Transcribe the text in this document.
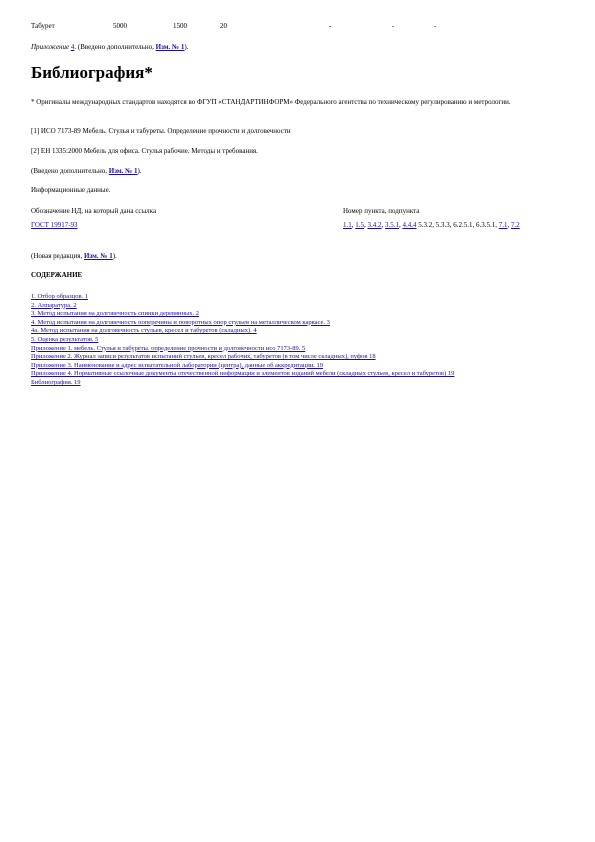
Табурет	5000	1500	20	-	-	-
Приложение 4. (Введено дополнительно, Изм. № 1).
Библиография*
* Оригиналы международных стандартов находятся во ФГУП «СТАНДАРТИНФОРМ» Федерального агентства по техническому регулированию и метрологии.
[1] ИСО 7173-89 Мебель. Стулья и табуреты. Определение прочности и долговечности
[2] ЕН 1335:2000 Мебель для офиса. Стулья рабочие. Методы и требования.
(Введено дополнительно, Изм. № 1).
Информационные данные.
Обозначение НД, на который дана ссылка	Номер пункта, подпункта
ГОСТ 19917-93	1.1, 1.5, 3.4.2, 3.5.1, 4.4.4 5.3.2, 5.3.3, 6.2.5.1, 6.3.5.1, 7.1, 7.2
(Новая редакция, Изм. № 1).
СОДЕРЖАНИЕ
1. Отбор образцов. 1
2. Аппаратура. 2
3. Метод испытания на долговечность спинки деревянных. 2
4. Метод испытания на долговечность поперечины и поворотных опор стульев на металлическом каркасе. 3
4а. Метод испытания на долговечность стульев, кресел и табуретов (складных). 4
5. Оценка результатов. 5
Приложение 1. мебель. Стулья и табуреты. определение прочности и долговечности исо 7173-89. 5
Приложение 2. Журнал записи результатов испытаний стульев, кресел рабочих, табуретов (в том числе складных), пуфов 18
Приложение 3. Наименование и адрес испытательной лаборатории (центра), данные об аккредитации. 19
Приложение 4. Нормативные ссылочные документы отечественной информации и элементов изданий мебели (складных стульев, кресел и табуретов) 19
Библиография. 19
